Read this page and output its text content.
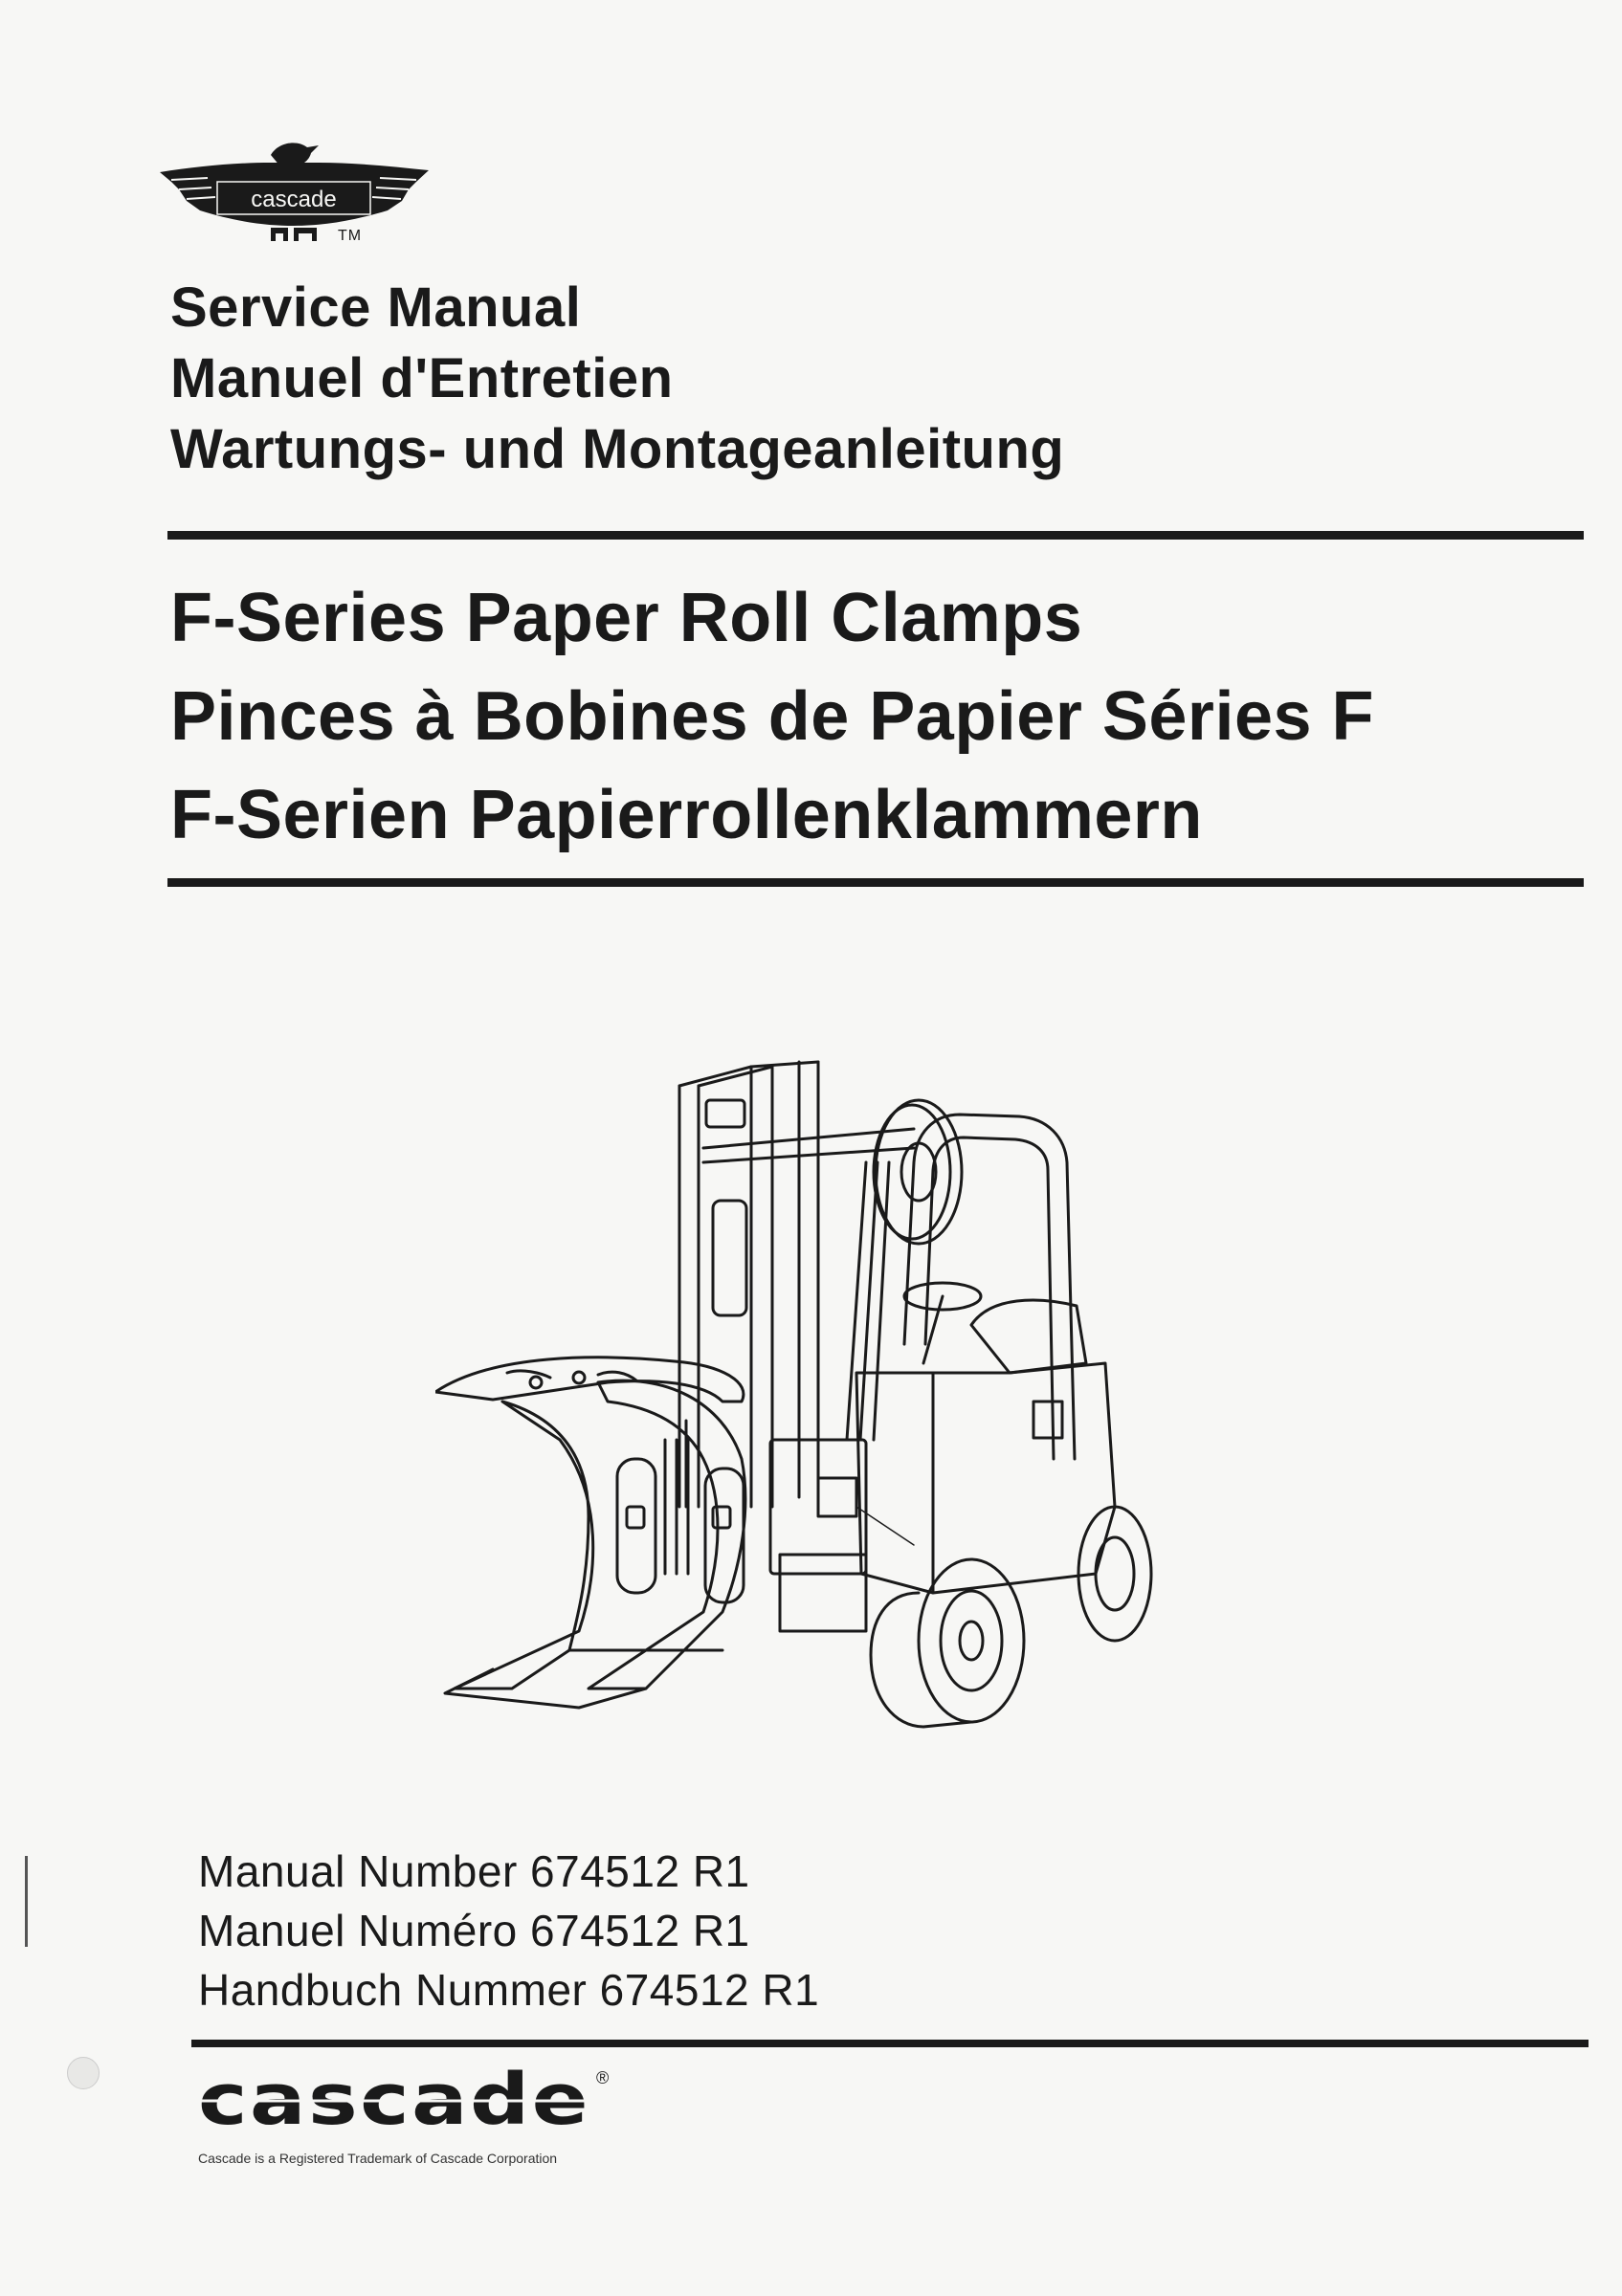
cascade
TM
Service Manual
Manuel d'Entretien
Wartungs- und Montageanleitung
F-Series Paper Roll Clamps
Pinces à Bobines de Papier Séries F
F-Serien Papierrollenklammern
Manual Number 674512 R1
Manuel Numéro 674512 R1
Handbuch Nummer 674512 R1
cascade ®
Cascade is a Registered Trademark of Cascade Corporation
